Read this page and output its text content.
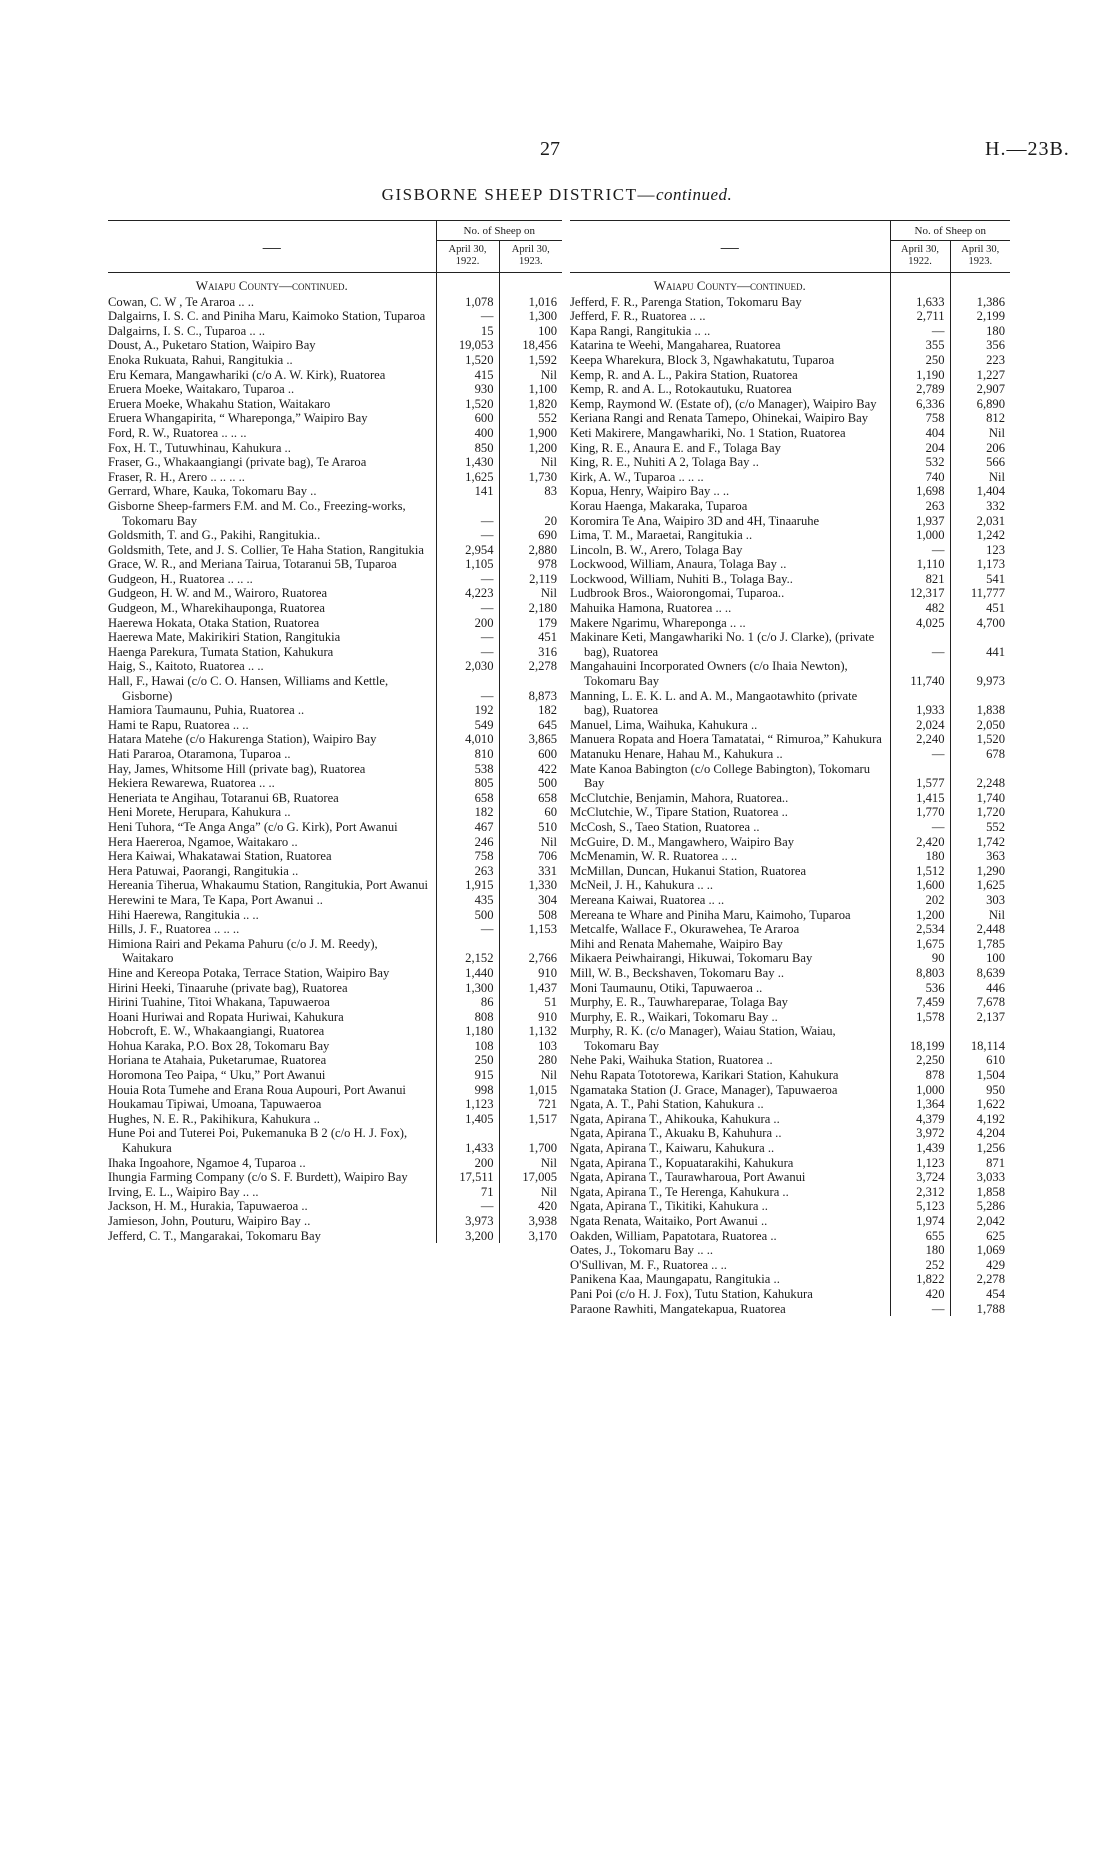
27	H.—23B.
GISBORNE SHEEP DISTRICT—continued.
—	No. of Sheep on	
	April 30, 1922.	April 30, 1923.
Waiapu County—continued.		
Cowan, C. W , Te Araroa .. ..	1,078	1,016
Dalgairns, I. S. C. and Piniha Maru, Kaimoko Station, Tuparoa	—	1,300
Dalgairns, I. S. C., Tuparoa .. ..	15	100
Doust, A., Puketaro Station, Waipiro Bay	19,053	18,456
Enoka Rukuata, Rahui, Rangitukia ..	1,520	1,592
Eru Kemara, Mangawhariki (c/o A. W. Kirk), Ruatorea	415	Nil
Eruera Moeke, Waitakaro, Tuparoa ..	930	1,100
Eruera Moeke, Whakahu Station, Waitakaro	1,520	1,820
Eruera Whangapirita, “ Whareponga,” Waipiro Bay	600	552
Ford, R. W., Ruatorea .. .. ..	400	1,900
Fox, H. T., Tutuwhinau, Kahukura ..	850	1,200
Fraser, G., Whakaangiangi (private bag), Te Araroa	1,430	Nil
Fraser, R. H., Arero .. .. .. ..	1,625	1,730
Gerrard, Whare, Kauka, Tokomaru Bay ..	141	83
Gisborne Sheep-farmers F.M. and M. Co., Freezing-works, Tokomaru Bay	—	20
Goldsmith, T. and G., Pakihi, Rangitukia..	—	690
Goldsmith, Tete, and J. S. Collier, Te Haha Station, Rangitukia	2,954	2,880
Grace, W. R., and Meriana Tairua, Totaranui 5B, Tuparoa	1,105	978
Gudgeon, H., Ruatorea .. .. ..	—	2,119
Gudgeon, H. W. and M., Wairoro, Ruatorea	4,223	Nil
Gudgeon, M., Wharekihauponga, Ruatorea	—	2,180
Haerewa Hokata, Otaka Station, Ruatorea	200	179
Haerewa Mate, Makirikiri Station, Rangitukia	—	451
Haenga Parekura, Tumata Station, Kahukura	—	316
Haig, S., Kaitoto, Ruatorea .. ..	2,030	2,278
Hall, F., Hawai (c/o C. O. Hansen, Williams and Kettle, Gisborne)	—	8,873
Hamiora Taumaunu, Puhia, Ruatorea ..	192	182
Hami te Rapu, Ruatorea .. ..	549	645
Hatara Matehe (c/o Hakurenga Station), Waipiro Bay	4,010	3,865
Hati Pararoa, Otaramona, Tuparoa ..	810	600
Hay, James, Whitsome Hill (private bag), Ruatorea	538	422
Hekiera Rewarewa, Ruatorea .. ..	805	500
Heneriata te Angihau, Totaranui 6B, Ruatorea	658	658
Heni Morete, Herupara, Kahukura ..	182	60
Heni Tuhora, “Te Anga Anga” (c/o G. Kirk), Port Awanui	467	510
Hera Haereroa, Ngamoe, Waitakaro ..	246	Nil
Hera Kaiwai, Whakatawai Station, Ruatorea	758	706
Hera Patuwai, Paorangi, Rangitukia ..	263	331
Hereania Tiherua, Whakaumu Station, Rangitukia, Port Awanui	1,915	1,330
Herewini te Mara, Te Kapa, Port Awanui ..	435	304
Hihi Haerewa, Rangitukia .. ..	500	508
Hills, J. F., Ruatorea .. .. ..	—	1,153
Himiona Rairi and Pekama Pahuru (c/o J. M. Reedy), Waitakaro	2,152	2,766
Hine and Kereopa Potaka, Terrace Station, Waipiro Bay	1,440	910
Hirini Heeki, Tinaaruhe (private bag), Ruatorea	1,300	1,437
Hirini Tuahine, Titoi Whakana, Tapuwaeroa	86	51
Hoani Huriwai and Ropata Huriwai, Kahukura	808	910
Hobcroft, E. W., Whakaangiangi, Ruatorea	1,180	1,132
Hohua Karaka, P.O. Box 28, Tokomaru Bay	108	103
Horiana te Atahaia, Puketarumae, Ruatorea	250	280
Horomona Teo Paipa, “ Uku,” Port Awanui	915	Nil
Houia Rota Tumehe and Erana Roua Aupouri, Port Awanui	998	1,015
Houkamau Tipiwai, Umoana, Tapuwaeroa	1,123	721
Hughes, N. E. R., Pakihikura, Kahukura ..	1,405	1,517
Hune Poi and Tuterei Poi, Pukemanuka B 2 (c/o H. J. Fox), Kahukura	1,433	1,700
Ihaka Ingoahore, Ngamoe 4, Tuparoa ..	200	Nil
Ihungia Farming Company (c/o S. F. Burdett), Waipiro Bay	17,511	17,005
Irving, E. L., Waipiro Bay .. ..	71	Nil
Jackson, H. M., Hurakia, Tapuwaeroa ..	—	420
Jamieson, John, Pouturu, Waipiro Bay ..	3,973	3,938
Jefferd, C. T., Mangarakai, Tokomaru Bay	3,200	3,170
—	No. of Sheep on	
	April 30, 1922.	April 30, 1923.
Waiapu County—continued.		
Jefferd, F. R., Parenga Station, Tokomaru Bay	1,633	1,386
Jefferd, F. R., Ruatorea .. ..	2,711	2,199
Kapa Rangi, Rangitukia .. ..	—	180
Katarina te Weehi, Mangaharea, Ruatorea	355	356
Keepa Wharekura, Block 3, Ngawhakatutu, Tuparoa	250	223
Kemp, R. and A. L., Pakira Station, Ruatorea	1,190	1,227
Kemp, R. and A. L., Rotokautuku, Ruatorea	2,789	2,907
Kemp, Raymond W. (Estate of), (c/o Manager), Waipiro Bay	6,336	6,890
Keriana Rangi and Renata Tamepo, Ohinekai, Waipiro Bay	758	812
Keti Makirere, Mangawhariki, No. 1 Station, Ruatorea	404	Nil
King, R. E., Anaura E. and F., Tolaga Bay	204	206
King, R. E., Nuhiti A 2, Tolaga Bay ..	532	566
Kirk, A. W., Tuparoa .. .. ..	740	Nil
Kopua, Henry, Waipiro Bay .. ..	1,698	1,404
Korau Haenga, Makaraka, Tuparoa	263	332
Koromira Te Ana, Waipiro 3D and 4H, Tinaaruhe	1,937	2,031
Lima, T. M., Maraetai, Rangitukia ..	1,000	1,242
Lincoln, B. W., Arero, Tolaga Bay	—	123
Lockwood, William, Anaura, Tolaga Bay ..	1,110	1,173
Lockwood, William, Nuhiti B., Tolaga Bay..	821	541
Ludbrook Bros., Waiorongomai, Tuparoa..	12,317	11,777
Mahuika Hamona, Ruatorea .. ..	482	451
Makere Ngarimu, Whareponga .. ..	4,025	4,700
Makinare Keti, Mangawhariki No. 1 (c/o J. Clarke), (private bag), Ruatorea	—	441
Mangahauini Incorporated Owners (c/o Ihaia Newton), Tokomaru Bay	11,740	9,973
Manning, L. E. K. L. and A. M., Mangaotawhito (private bag), Ruatorea	1,933	1,838
Manuel, Lima, Waihuka, Kahukura ..	2,024	2,050
Manuera Ropata and Hoera Tamatatai, “ Rimuroa,” Kahukura	2,240	1,520
Matanuku Henare, Hahau M., Kahukura ..	—	678
Mate Kanoa Babington (c/o College Babington), Tokomaru Bay	1,577	2,248
McClutchie, Benjamin, Mahora, Ruatorea..	1,415	1,740
McClutchie, W., Tipare Station, Ruatorea ..	1,770	1,720
McCosh, S., Taeo Station, Ruatorea ..	—	552
McGuire, D. M., Mangawhero, Waipiro Bay	2,420	1,742
McMenamin, W. R. Ruatorea .. ..	180	363
McMillan, Duncan, Hukanui Station, Ruatorea	1,512	1,290
McNeil, J. H., Kahukura .. ..	1,600	1,625
Mereana Kaiwai, Ruatorea .. ..	202	303
Mereana te Whare and Piniha Maru, Kaimoho, Tuparoa	1,200	Nil
Metcalfe, Wallace F., Okurawehea, Te Araroa	2,534	2,448
Mihi and Renata Mahemahe, Waipiro Bay	1,675	1,785
Mikaera Peiwhairangi, Hikuwai, Tokomaru Bay	90	100
Mill, W. B., Beckshaven, Tokomaru Bay ..	8,803	8,639
Moni Taumaunu, Otiki, Tapuwaeroa ..	536	446
Murphy, E. R., Tauwhareparae, Tolaga Bay	7,459	7,678
Murphy, E. R., Waikari, Tokomaru Bay ..	1,578	2,137
Murphy, R. K. (c/o Manager), Waiau Station, Waiau, Tokomaru Bay	18,199	18,114
Nehe Paki, Waihuka Station, Ruatorea ..	2,250	610
Nehu Rapata Tototorewa, Karikari Station, Kahukura	878	1,504
Ngamataka Station (J. Grace, Manager), Tapuwaeroa	1,000	950
Ngata, A. T., Pahi Station, Kahukura ..	1,364	1,622
Ngata, Apirana T., Ahikouka, Kahukura ..	4,379	4,192
Ngata, Apirana T., Akuaku B, Kahuhura ..	3,972	4,204
Ngata, Apirana T., Kaiwaru, Kahukura ..	1,439	1,256
Ngata, Apirana T., Kopuatarakihi, Kahukura	1,123	871
Ngata, Apirana T., Taurawharoua, Port Awanui	3,724	3,033
Ngata, Apirana T., Te Herenga, Kahukura ..	2,312	1,858
Ngata, Apirana T., Tikitiki, Kahukura ..	5,123	5,286
Ngata Renata, Waitaiko, Port Awanui ..	1,974	2,042
Oakden, William, Papatotara, Ruatorea ..	655	625
Oates, J., Tokomaru Bay .. ..	180	1,069
O'Sullivan, M. F., Ruatorea .. ..	252	429
Panikena Kaa, Maungapatu, Rangitukia ..	1,822	2,278
Pani Poi (c/o H. J. Fox), Tutu Station, Kahukura	420	454
Paraone Rawhiti, Mangatekapua, Ruatorea	—	1,788
